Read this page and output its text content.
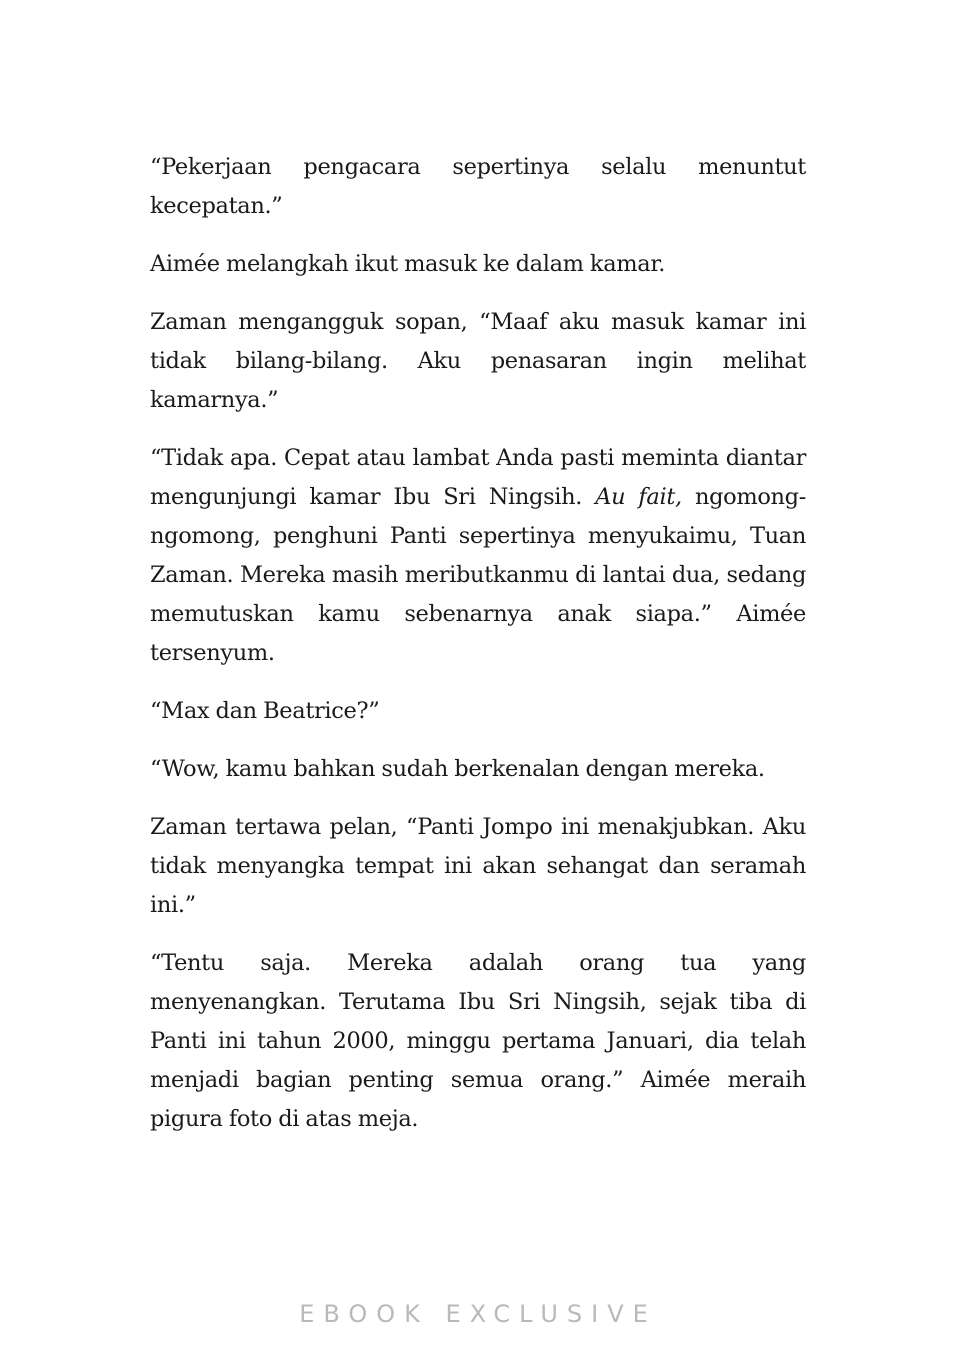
“Pekerjaan pengacara sepertinya selalu menuntut kecepatan.”

Aimée melangkah ikut masuk ke dalam kamar.

Zaman mengangguk sopan, “Maaf aku masuk kamar ini tidak bilang-bilang. Aku penasaran ingin melihat kamarnya.”

“Tidak apa. Cepat atau lambat Anda pasti meminta diantar mengunjungi kamar Ibu Sri Ningsih. Au fait, ngomong-ngomong, penghuni Panti sepertinya menyukaimu, Tuan Zaman. Mereka masih meributkanmu di lantai dua, sedang memutuskan kamu sebenarnya anak siapa.” Aimée tersenyum.

“Max dan Beatrice?”

“Wow, kamu bahkan sudah berkenalan dengan mereka.

Zaman tertawa pelan, “Panti Jompo ini menakjubkan. Aku tidak menyangka tempat ini akan sehangat dan seramah ini.”

“Tentu saja. Mereka adalah orang tua yang menyenangkan. Terutama Ibu Sri Ningsih, sejak tiba di Panti ini tahun 2000, minggu pertama Januari, dia telah menjadi bagian penting semua orang.” Aimée meraih pigura foto di atas meja.

EBOOK EXCLUSIVE
